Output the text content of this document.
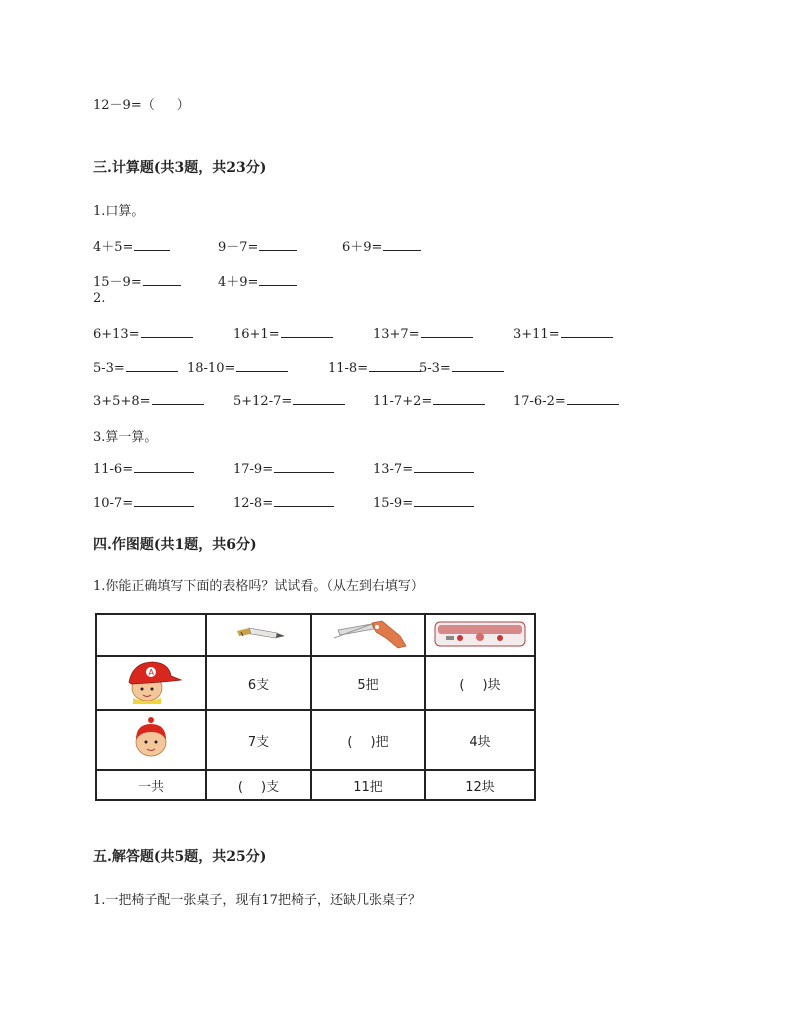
12－9=（ ）
三.计算题(共3题，共23分)
1.口算。
4＋5=	9－7=	6＋9=
15－9=	4＋9=
2.
6+13=	16+1=	13+7=	3+11=
5-3=	18-10=	11-8=	5-3=
3+5+8=	5+12-7=	11-7+2=	17-6-2=
3.算一算。
11-6=	17-9=	13-7=
10-7=	12-8=	15-9=
四.作图题(共1题，共6分)
1.你能正确填写下面的表格吗？试试看。（从左到右填写）

A	6支	5把	( )块
	7支	( )把	4块
一共	( )支	11把	12块
五.解答题(共5题，共25分)
1.一把椅子配一张桌子，现有17把椅子，还缺几张桌子？
